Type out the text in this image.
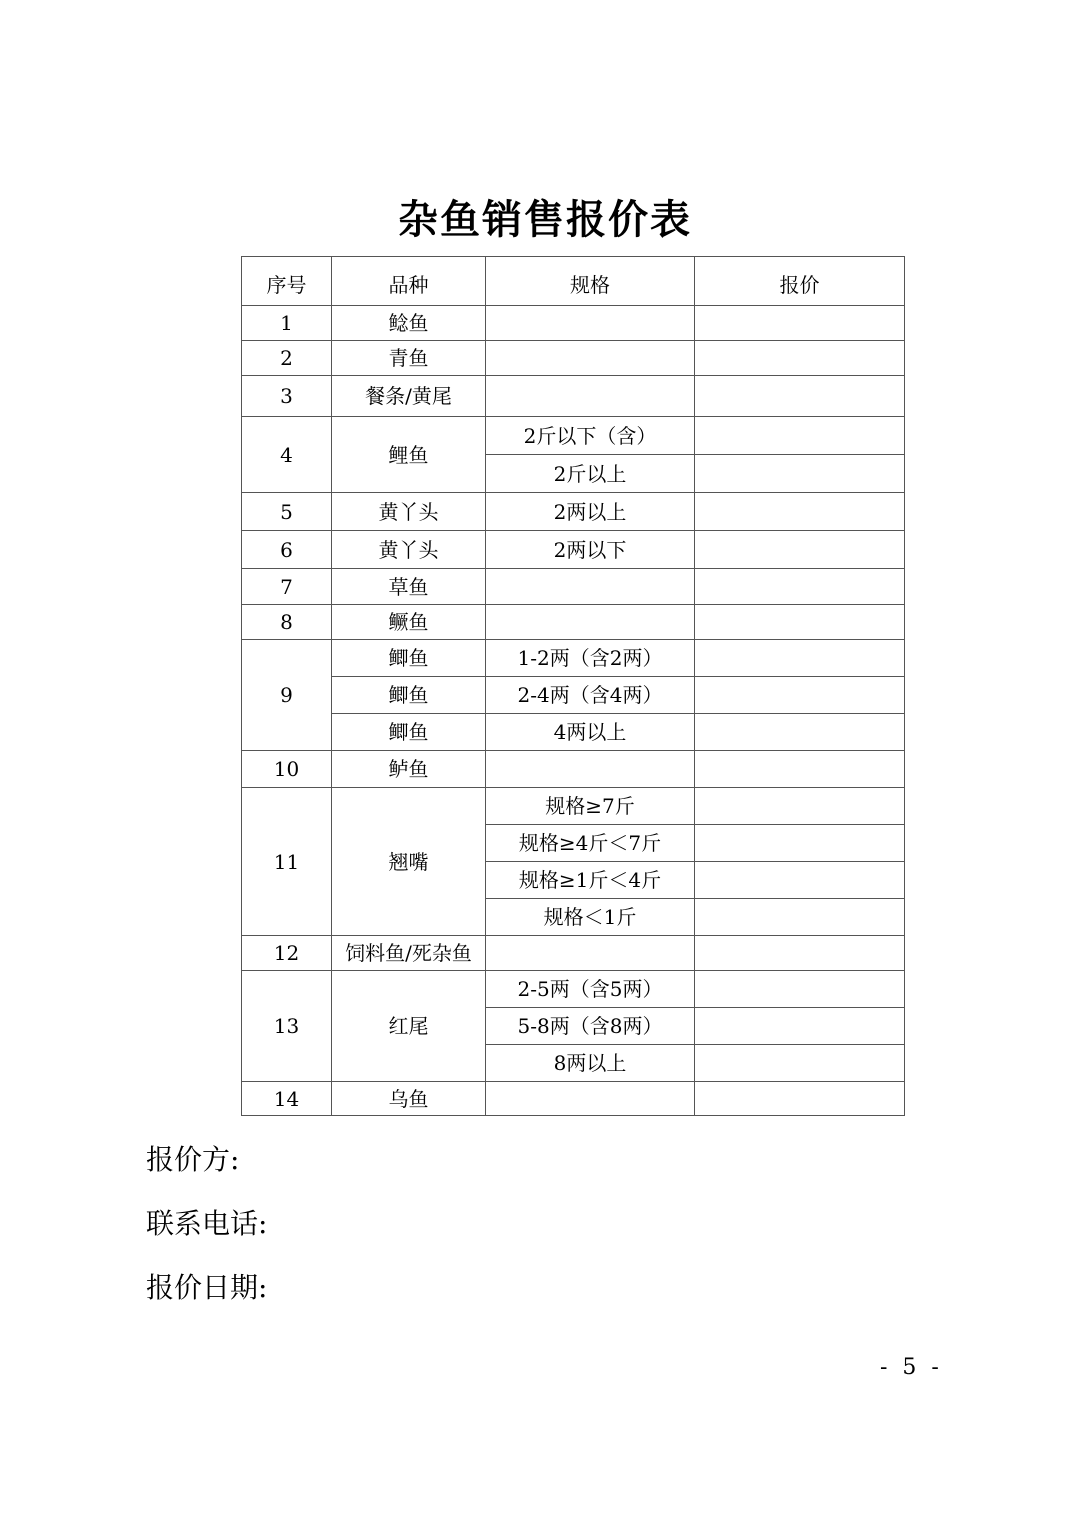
杂鱼销售报价表
序号	品种	规格	报价
1	鲶鱼		
2	青鱼		
3	餐条/黄尾		
4	鲤鱼	2斤以下（含）	
		2斤以上	
5	黄丫头	2两以上	
6	黄丫头	2两以下	
7	草鱼		
8	鳜鱼		
9	鲫鱼	1-2两（含2两）	
	鲫鱼	2-4两（含4两）	
	鲫鱼	4两以上	
10	鲈鱼		
11	翘嘴	规格≥7斤	
		规格≥4斤＜7斤	
		规格≥1斤＜4斤	
		规格＜1斤	
12	饲料鱼/死杂鱼		
13	红尾	2-5两（含5两）	
		5-8两（含8两）	
		8两以上	
14	乌鱼		
报价方:
联系电话:
报价日期:
- 5 -
